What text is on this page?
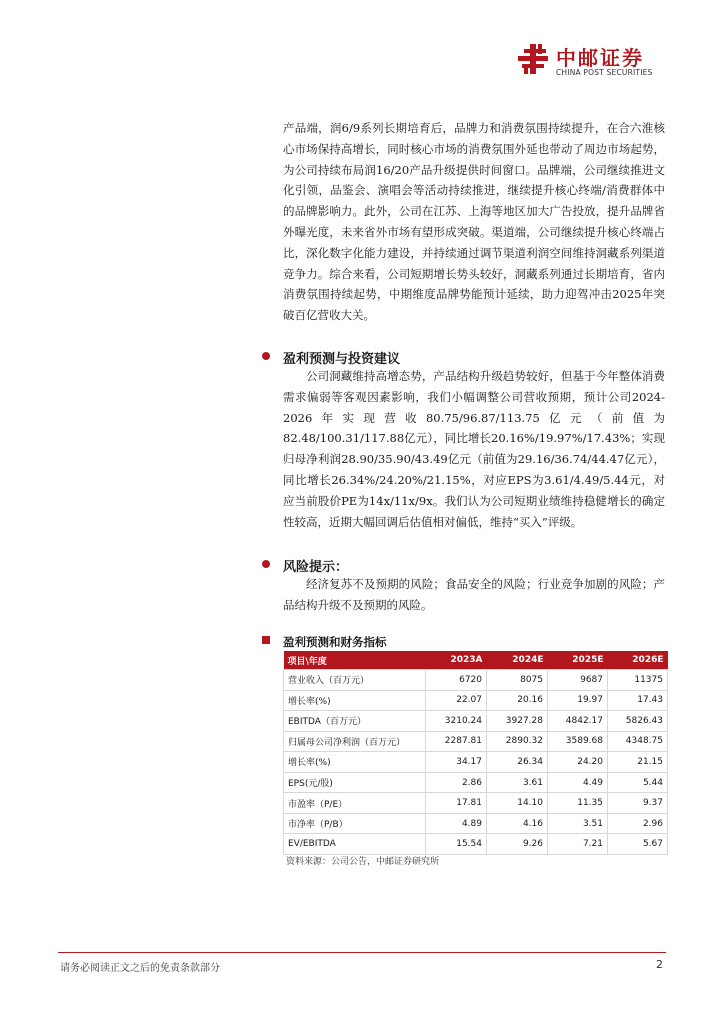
中邮证券
CHINA POST SECURITIES

产品端，润6/9系列长期培育后，品牌力和消费氛围持续提升，在合六淮核心市场保持高增长，同时核心市场的消费氛围外延也带动了周边市场起势，为公司持续布局润16/20产品升级提供时间窗口。品牌端，公司继续推进文化引领，品鉴会、演唱会等活动持续推进，继续提升核心终端/消费群体中的品牌影响力。此外，公司在江苏、上海等地区加大广告投放，提升品牌省外曝光度，未来省外市场有望形成突破。渠道端，公司继续提升核心终端占比，深化数字化能力建设，并持续通过调节渠道利润空间维持洞藏系列渠道竞争力。综合来看，公司短期增长势头较好，洞藏系列通过长期培育，省内消费氛围持续起势，中期维度品牌势能预计延续，助力迎驾冲击2025年突破百亿营收大关。

盈利预测与投资建议

公司洞藏维持高增态势，产品结构升级趋势较好，但基于今年整体消费需求偏弱等客观因素影响，我们小幅调整公司营收预期，预计公司2024-2026年实现营收80.75/96.87/113.75亿元（前值为82.48/100.31/117.88亿元），同比增长20.16%/19.97%/17.43%；实现归母净利润28.90/35.90/43.49亿元（前值为29.16/36.74/44.47亿元），同比增长26.34%/24.20%/21.15%，对应EPS为3.61/4.49/5.44元，对应当前股价PE为14x/11x/9x。我们认为公司短期业绩维持稳健增长的确定性较高，近期大幅回调后估值相对偏低，维持“买入”评级。

风险提示：

经济复苏不及预期的风险；食品安全的风险；行业竞争加剧的风险；产品结构升级不及预期的风险。

盈利预测和财务指标
项目\年度	2023A	2024E	2025E	2026E
营业收入（百万元）	6720	8075	9687	11375
增长率(%)	22.07	20.16	19.97	17.43
EBITDA（百万元）	3210.24	3927.28	4842.17	5826.43
归属母公司净利润（百万元）	2287.81	2890.32	3589.68	4348.75
增长率(%)	34.17	26.34	24.20	21.15
EPS(元/股)	2.86	3.61	4.49	5.44
市盈率（P/E）	17.81	14.10	11.35	9.37
市净率（P/B）	4.89	4.16	3.51	2.96
EV/EBITDA	15.54	9.26	7.21	5.67
资料来源：公司公告，中邮证券研究所
请务必阅读正文之后的免责条款部分	2
